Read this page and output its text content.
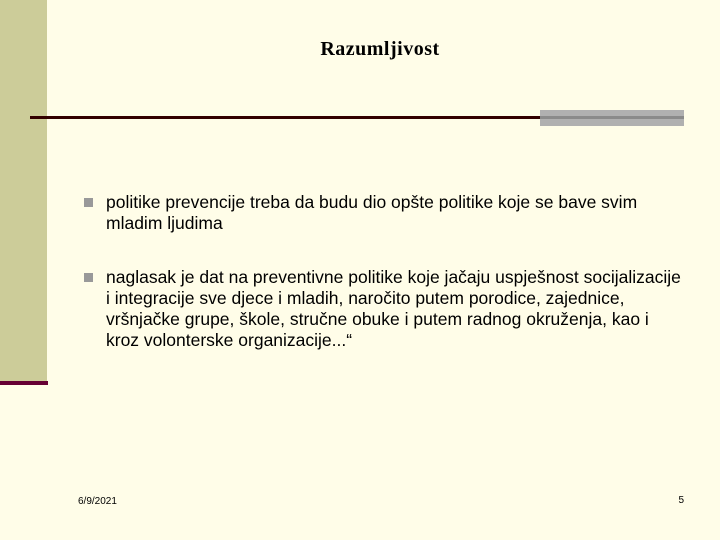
Razumljivost
politike prevencije treba da budu dio opšte politike koje se bave svim mladim ljudima
naglasak je dat na preventivne politike koje jačaju uspješnost socijalizacije i integracije sve djece i mladih, naročito putem porodice, zajednice, vršnjačke grupe, škole, stručne obuke i putem radnog okruženja, kao i kroz volonterske organizacije...“
6/9/2021	5
